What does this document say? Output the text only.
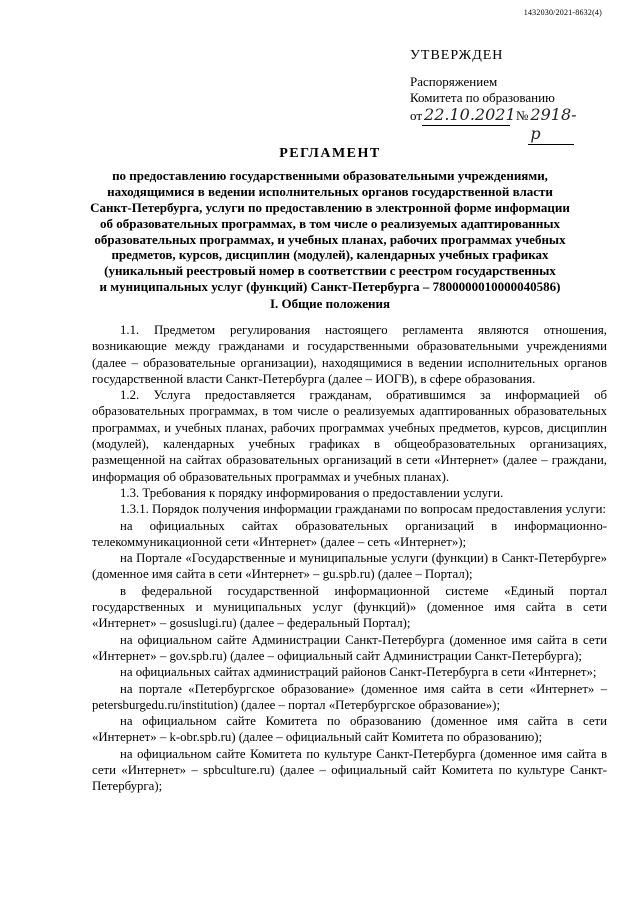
1432030/2021-8632(4)
УТВЕРЖДЕН
Распоряжением
Комитета по образованию
от 22.10.2021 № 2918-р
РЕГЛАМЕНТ
по предоставлению государственными образовательными учреждениями,
находящимися в ведении исполнительных органов государственной власти
Санкт-Петербурга, услуги по предоставлению в электронной форме информации
об образовательных программах, в том числе о реализуемых адаптированных
образовательных программах, и учебных планах, рабочих программах учебных
предметов, курсов, дисциплин (модулей), календарных учебных графиках
(уникальный реестровый номер в соответствии с реестром государственных
и муниципальных услуг (функций) Санкт-Петербурга – 7800000010000040586)
I. Общие положения

1.1. Предметом регулирования настоящего регламента являются отношения, возникающие между гражданами и государственными образовательными учреждениями (далее – образовательные организации), находящимися в ведении исполнительных органов государственной власти Санкт-Петербурга (далее – ИОГВ), в сфере образования.

1.2. Услуга предоставляется гражданам, обратившимся за информацией об образовательных программах, в том числе о реализуемых адаптированных образовательных программах, и учебных планах, рабочих программах учебных предметов, курсов, дисциплин (модулей), календарных учебных графиках в общеобразовательных организациях, размещенной на сайтах образовательных организаций в сети «Интернет» (далее – граждани, информация об образовательных программах и учебных планах).

1.3. Требования к порядку информирования о предоставлении услуги.

1.3.1. Порядок получения информации гражданами по вопросам предоставления услуги:

на официальных сайтах образовательных организаций в информационно-телекоммуникационной сети «Интернет» (далее – сеть «Интернет»);

на Портале «Государственные и муниципальные услуги (функции) в Санкт-Петербурге» (доменное имя сайта в сети «Интернет» – gu.spb.ru) (далее – Портал);

в федеральной государственной информационной системе «Единый портал государственных и муниципальных услуг (функций)» (доменное имя сайта в сети «Интернет» – gosuslugi.ru) (далее – федеральный Портал);

на официальном сайте Администрации Санкт-Петербурга (доменное имя сайта в сети «Интернет» – gov.spb.ru) (далее – официальный сайт Администрации Санкт-Петербурга);

на официальных сайтах администраций районов Санкт-Петербурга в сети «Интернет»;

на портале «Петербургское образование» (доменное имя сайта в сети «Интернет» – petersburgedu.ru/institution) (далее – портал «Петербургское образование»);

на официальном сайте Комитета по образованию (доменное имя сайта в сети «Интернет» – k-obr.spb.ru) (далее – официальный сайт Комитета по образованию);

на официальном сайте Комитета по культуре Санкт-Петербурга (доменное имя сайта в сети «Интернет» – spbculture.ru) (далее – официальный сайт Комитета по культуре Санкт-Петербурга);
